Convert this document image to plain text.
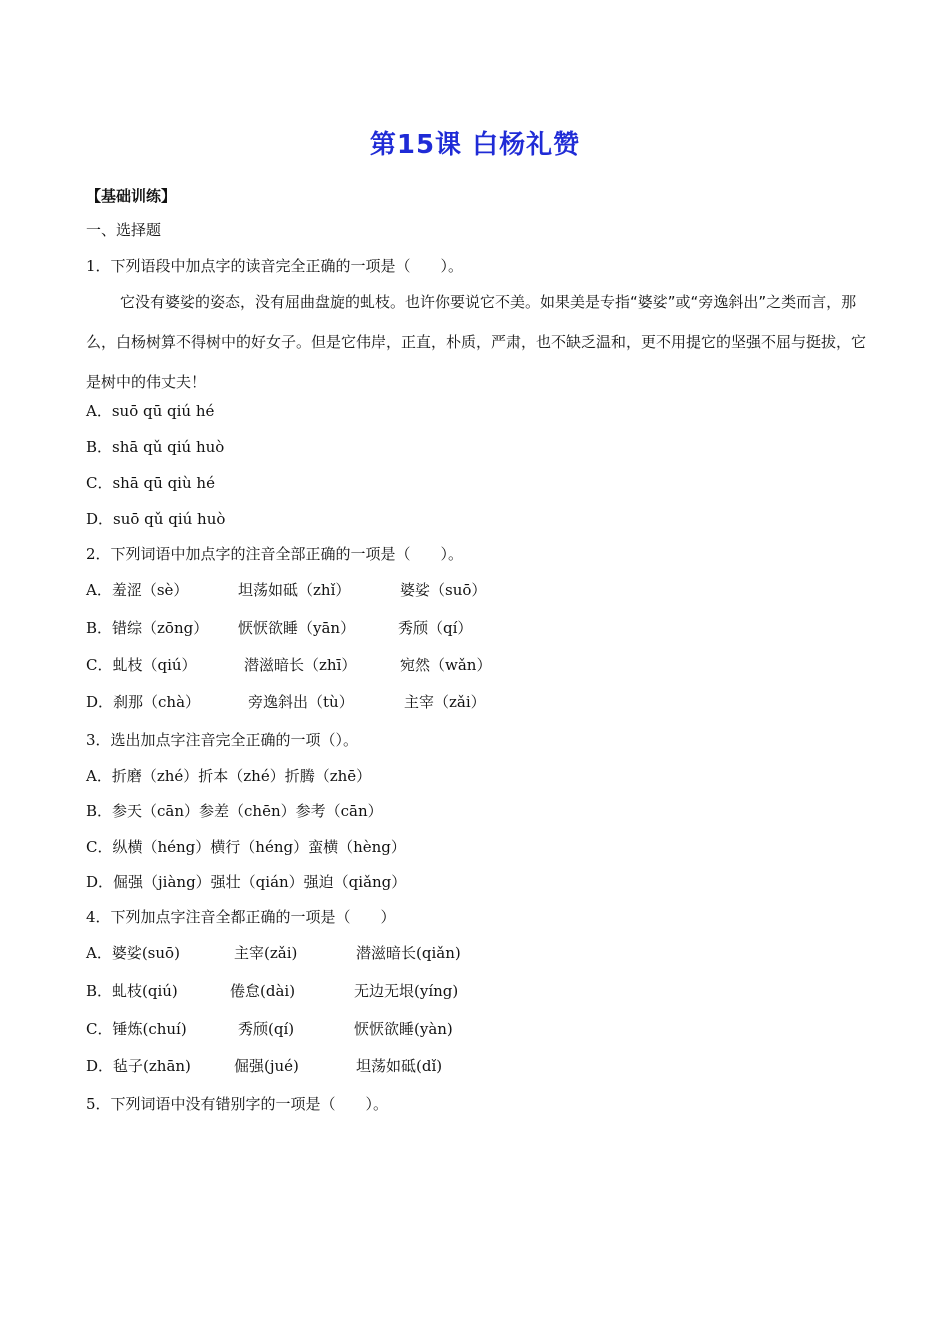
第15课 白杨礼赞
【基础训练】
一、选择题
1．下列语段中加点字的读音完全正确的一项是（　　）。
它没有婆娑的姿态，没有屈曲盘旋的虬枝。也许你要说它不美。如果美是专指“婆娑”或“旁逸斜出”之类而言，那么，白杨树算不得树中的好女子。但是它伟岸，正直，朴质，严肃，也不缺乏温和，更不用提它的坚强不屈与挺拔，它是树中的伟丈夫！
A．suō qū qiú hé
B．shā qǔ qiú huò
C．shā qū qiù hé
D．suō qǔ qiú huò
2．下列词语中加点字的注音全部正确的一项是（　　）。
A．羞涩（sè）	坦荡如砥（zhǐ）	婆娑（suō）
B．错综（zōng） 恹恹欲睡（yān）	秀颀（qí）
C．虬枝（qiú）	潜滋暗长（zhī）	宛然（wǎn）
D．刹那（chà）	旁逸斜出（tù）	主宰（zǎi）
3．选出加点字注音完全正确的一项（）。
A．折磨（zhé）折本（zhé）折腾（zhē）
B．参天（cān）参差（chēn）参考（cān）
C．纵横（héng）横行（héng）蛮横（hèng）
D．倔强（jiàng）强壮（qián）强迫（qiǎng）
4．下列加点字注音全都正确的一项是（　　）
A．婆娑(suō)	主宰(zǎi)	潜滋暗长(qiǎn)
B．虬枝(qiú)	倦怠(dài)	无边无垠(yíng)
C．锤炼(chuí)	秀颀(qí)	恹恹欲睡(yàn)
D．毡子(zhān)	倔强(jué)	坦荡如砥(dǐ)
5．下列词语中没有错别字的一项是（　　）。
